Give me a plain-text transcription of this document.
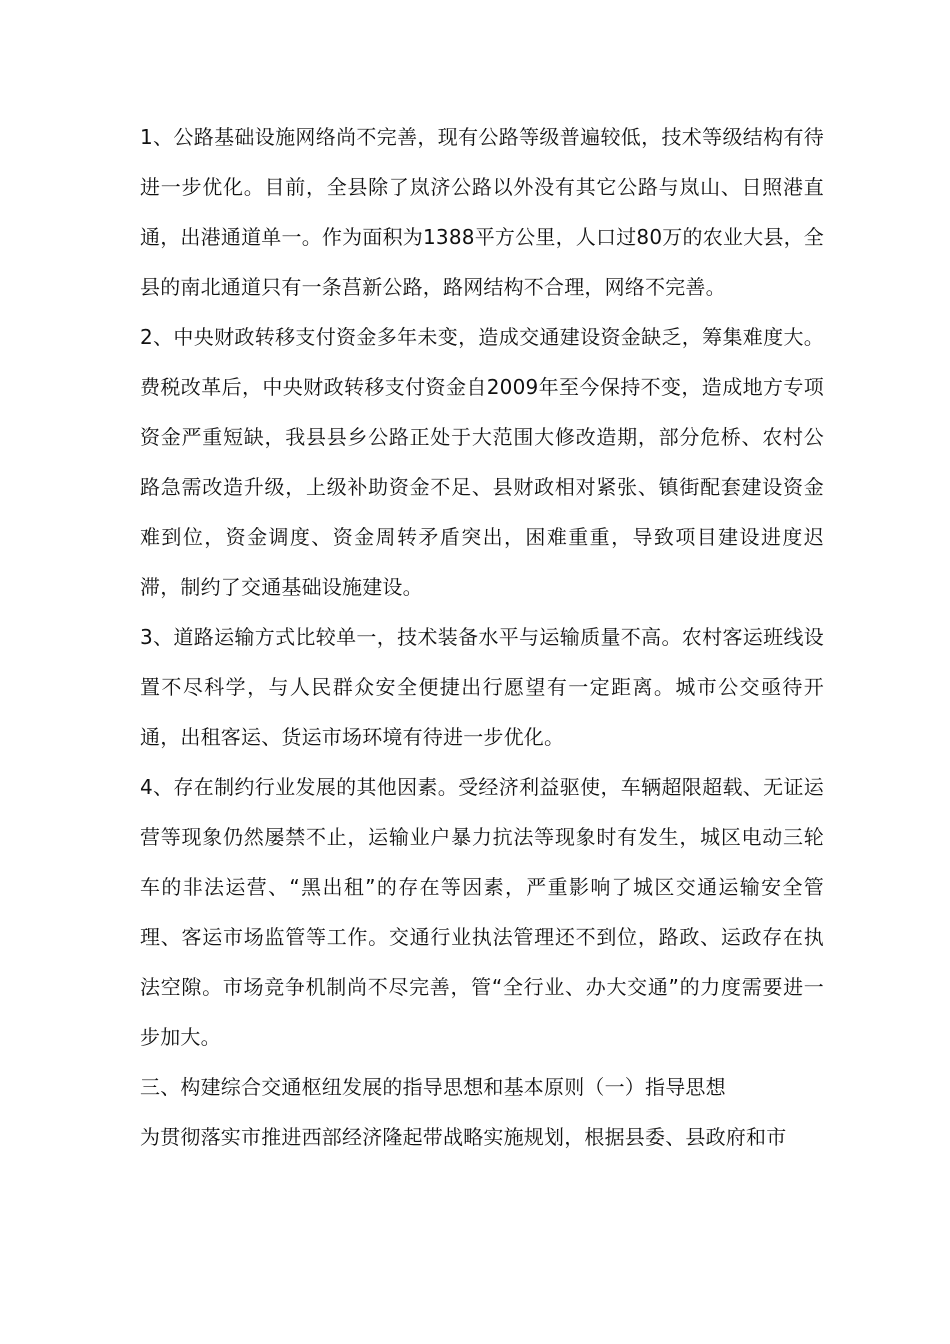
1、公路基础设施网络尚不完善，现有公路等级普遍较低，技术等级结构有待进一步优化。目前，全县除了岚济公路以外没有其它公路与岚山、日照港直通，出港通道单一。作为面积为1388平方公里，人口过80万的农业大县，全县的南北通道只有一条莒新公路，路网结构不合理，网络不完善。

2、中央财政转移支付资金多年未变，造成交通建设资金缺乏，筹集难度大。费税改革后，中央财政转移支付资金自2009年至今保持不变，造成地方专项资金严重短缺，我县县乡公路正处于大范围大修改造期，部分危桥、农村公路急需改造升级，上级补助资金不足、县财政相对紧张、镇街配套建设资金难到位，资金调度、资金周转矛盾突出，困难重重，导致项目建设进度迟滞，制约了交通基础设施建设。

3、道路运输方式比较单一，技术装备水平与运输质量不高。农村客运班线设置不尽科学，与人民群众安全便捷出行愿望有一定距离。城市公交亟待开通，出租客运、货运市场环境有待进一步优化。

4、存在制约行业发展的其他因素。受经济利益驱使，车辆超限超载、无证运营等现象仍然屡禁不止，运输业户暴力抗法等现象时有发生，城区电动三轮车的非法运营、“黑出租”的存在等因素，严重影响了城区交通运输安全管理、客运市场监管等工作。交通行业执法管理还不到位，路政、运政存在执法空隙。市场竞争机制尚不尽完善，管“全行业、办大交通”的力度需要进一步加大。

三、构建综合交通枢纽发展的指导思想和基本原则（一）指导思想

为贯彻落实市推进西部经济隆起带战略实施规划，根据县委、县政府和市
